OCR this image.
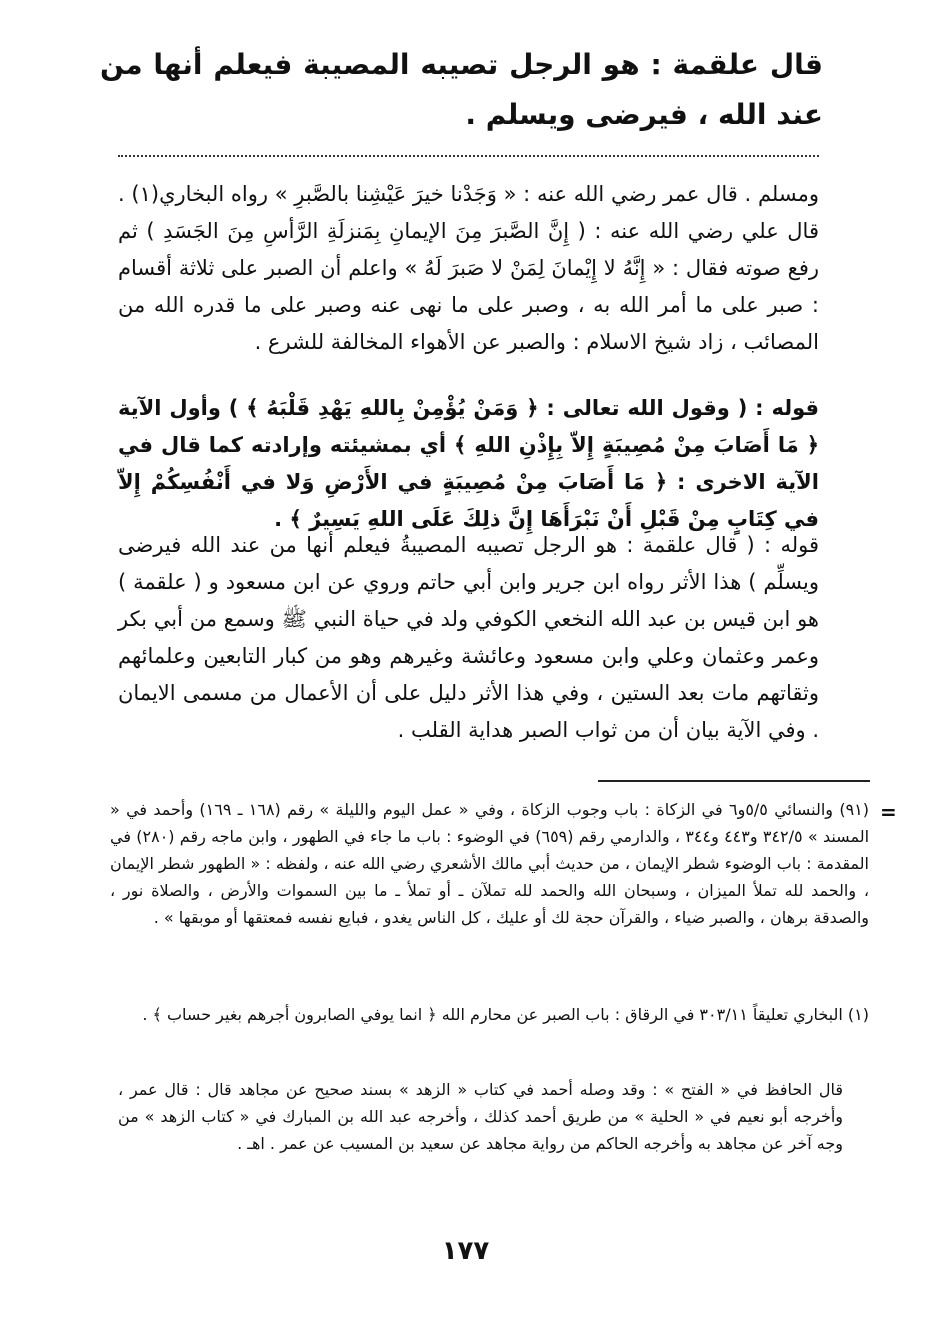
قال علقمة : هو الرجل تصيبه المصيبة فيعلم أنها من عند الله ، فيرضى ويسلم .
ومسلم . قال عمر رضي الله عنه : « وَجَدْنا خيرَ عَيْشِنا بالصَّبرِ » رواه البخاري(١) . قال علي رضي الله عنه : ( إِنَّ الصَّبرَ مِنَ الإيمانِ بِمَنزلَةِ الرَّأسِ مِنَ الجَسَدِ ) ثم رفع صوته فقال : « إِنَّهُ لا إِيْمانَ لِمَنْ لا صَبرَ لَهُ » واعلم أن الصبر على ثلاثة أقسام : صبر على ما أمر الله به ، وصبر على ما نهى عنه وصبر على ما قدره الله من المصائب ، زاد شيخ الاسلام : والصبر عن الأهواء المخالفة للشرع .
قوله : ( وقول الله تعالى : ﴿ وَمَنْ يُؤْمِنْ بِاللهِ يَهْدِ قَلْبَهُ ﴾ ) وأول الآية ﴿ مَا أَصَابَ مِنْ مُصِيبَةٍ إِلاّ بِإِذْنِ اللهِ ﴾ أي بمشيئته وإرادته كما قال في الآية الاخرى : ﴿ مَا أَصَابَ مِنْ مُصِيبَةٍ في الأَرْضِ وَلا في أَنْفُسِكُمْ إِلاّ في كِتَابٍ مِنْ قَبْلِ أَنْ نَبْرَأَهَا إِنَّ ذلِكَ عَلَى اللهِ يَسِيرٌ ﴾ .
قوله : ( قال علقمة : هو الرجل تصيبه المصيبةُ فيعلم أنها من عند الله فيرضى ويسلِّم ) هذا الأثر رواه ابن جرير وابن أبي حاتم وروي عن ابن مسعود و ( علقمة ) هو ابن قيس بن عبد الله النخعي الكوفي ولد في حياة النبي ﷺ وسمع من أبي بكر وعمر وعثمان وعلي وابن مسعود وعائشة وغيرهم وهو من كبار التابعين وعلمائهم وثقاتهم مات بعد الستين ، وفي هذا الأثر دليل على أن الأعمال من مسمى الايمان . وفي الآية بيان أن من ثواب الصبر هداية القلب .
=
(٩١) والنسائي ٥/٥و٦ في الزكاة : باب وجوب الزكاة ، وفي « عمل اليوم والليلة » رقم (١٦٨ ـ ١٦٩) وأحمد في « المسند » ٣٤٢/٥ و٤٤٣ و٣٤٤ ، والدارمي رقم (٦٥٩) في الوضوء : باب ما جاء في الطهور ، وابن ماجه رقم (٢٨٠) في المقدمة : باب الوضوء شطر الإيمان ، من حديث أبي مالك الأشعري رضي الله عنه ، ولفظه : « الطهور شطر الإيمان ، والحمد لله تملأ الميزان ، وسبحان الله والحمد لله تملآن ـ أو تملأ ـ ما بين السموات والأرض ، والصلاة نور ، والصدقة برهان ، والصبر ضياء ، والقرآن حجة لك أو عليك ، كل الناس يغدو ، فبايع نفسه فمعتقها أو موبقها » .
(١) البخاري تعليقاً ٣٠٣/١١ في الرقاق : باب الصبر عن محارم الله ﴿ انما يوفي الصابرون أجرهم بغير حساب ﴾ .
قال الحافظ في « الفتح » : وقد وصله أحمد في كتاب « الزهد » بسند صحيح عن مجاهد قال : قال عمر ، وأخرجه أبو نعيم في « الحلية » من طريق أحمد كذلك ، وأخرجه عبد الله بن المبارك في « كتاب الزهد » من وجه آخر عن مجاهد به وأخرجه الحاكم من رواية مجاهد عن سعيد بن المسيب عن عمر . اهـ .
١٧٧
